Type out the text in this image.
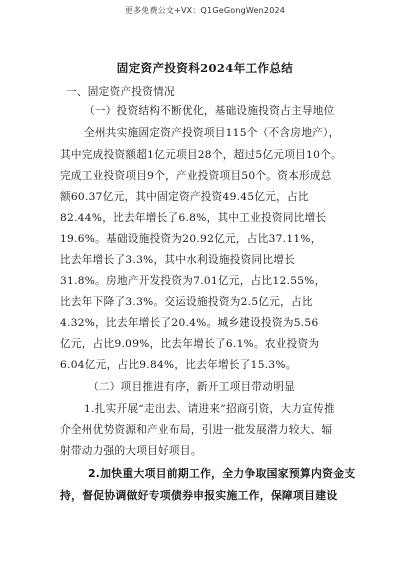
更多免费公文+VX：Q1GeGongWen2024
固定资产投资科2024年工作总结
一、固定资产投资情况
（一）投资结构不断优化，基础设施投资占主导地位
全州共实施固定资产投资项目115个（不含房地产），
其中完成投资额超1亿元项目28个，超过5亿元项目10个。
完成工业投资项目9个，产业投资项目50个。资本形成总
额60.37亿元，其中固定资产投资49.45亿元，占比
82.44%，比去年增长了6.8%，其中工业投资同比增长
19.6%。基础设施投资为20.92亿元，占比37.11%，
比去年增长了3.3%，其中水利设施投资同比增长
31.8%。房地产开发投资为7.01亿元，占比12.55%，
比去年下降了3.3%。交运设施投资为2.5亿元，占比
4.32%，比去年增长了20.4%。城乡建设投资为5.56
亿元，占比9.09%，比去年增长了6.1%。农业投资为
6.04亿元，占比9.84%，比去年增长了15.3%。
（二）项目推进有序，新开工项目带动明显
1.扎实开展“走出去、请进来”招商引资，大力宣传推
介全州优势资源和产业布局，引进一批发展潜力较大、辐
射带动力强的大项目好项目。
2.加快重大项目前期工作，全力争取国家预算内资金支
持，督促协调做好专项债券申报实施工作，保障项目建设
